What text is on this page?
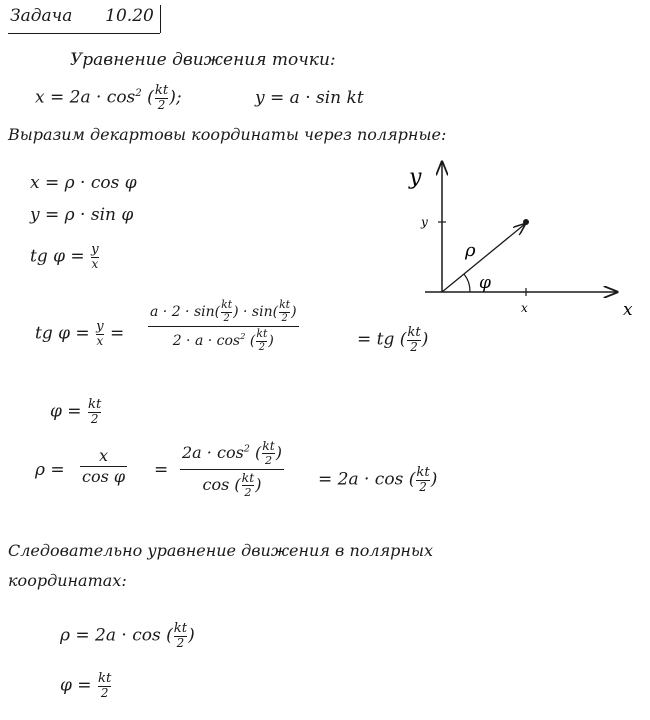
Задача 10.20
Уравнение движения точки:
$x = 2a \cdot \cos^2$ ( $\frac{kt}{2}$ );	y = a · sin kt
Выразим декартовы координаты через полярные:
x = ρ · cos φ
y = ρ · sin φ
tg $\varphi = \frac{y}{x}$
y
x
y
x
ρ
φ
tg $\varphi = \frac{y}{x}$ =
$a \cdot 2 \cdot \sin( \frac{kt}{2}$ ) · $\sin( \frac{kt}{2}$ )
$2 \cdot a \cdot \cos^2$ ( $\frac{kt}{2}$ )	= tg ( $\frac{kt}{2}$ )
$\varphi = \frac{kt}{2}$
ρ =
x
cos φ =
$2a \cdot \cos^2$ ( $\frac{kt}{2}$ )
cos ( $\frac{kt}{2}$ )	= 2a · cos ( $\frac{kt}{2}$ )
Следовательно уравнение движения в полярных
координатах:
ρ = 2a · cos ( $\frac{kt}{2}$ )
$\varphi = \frac{kt}{2}$
